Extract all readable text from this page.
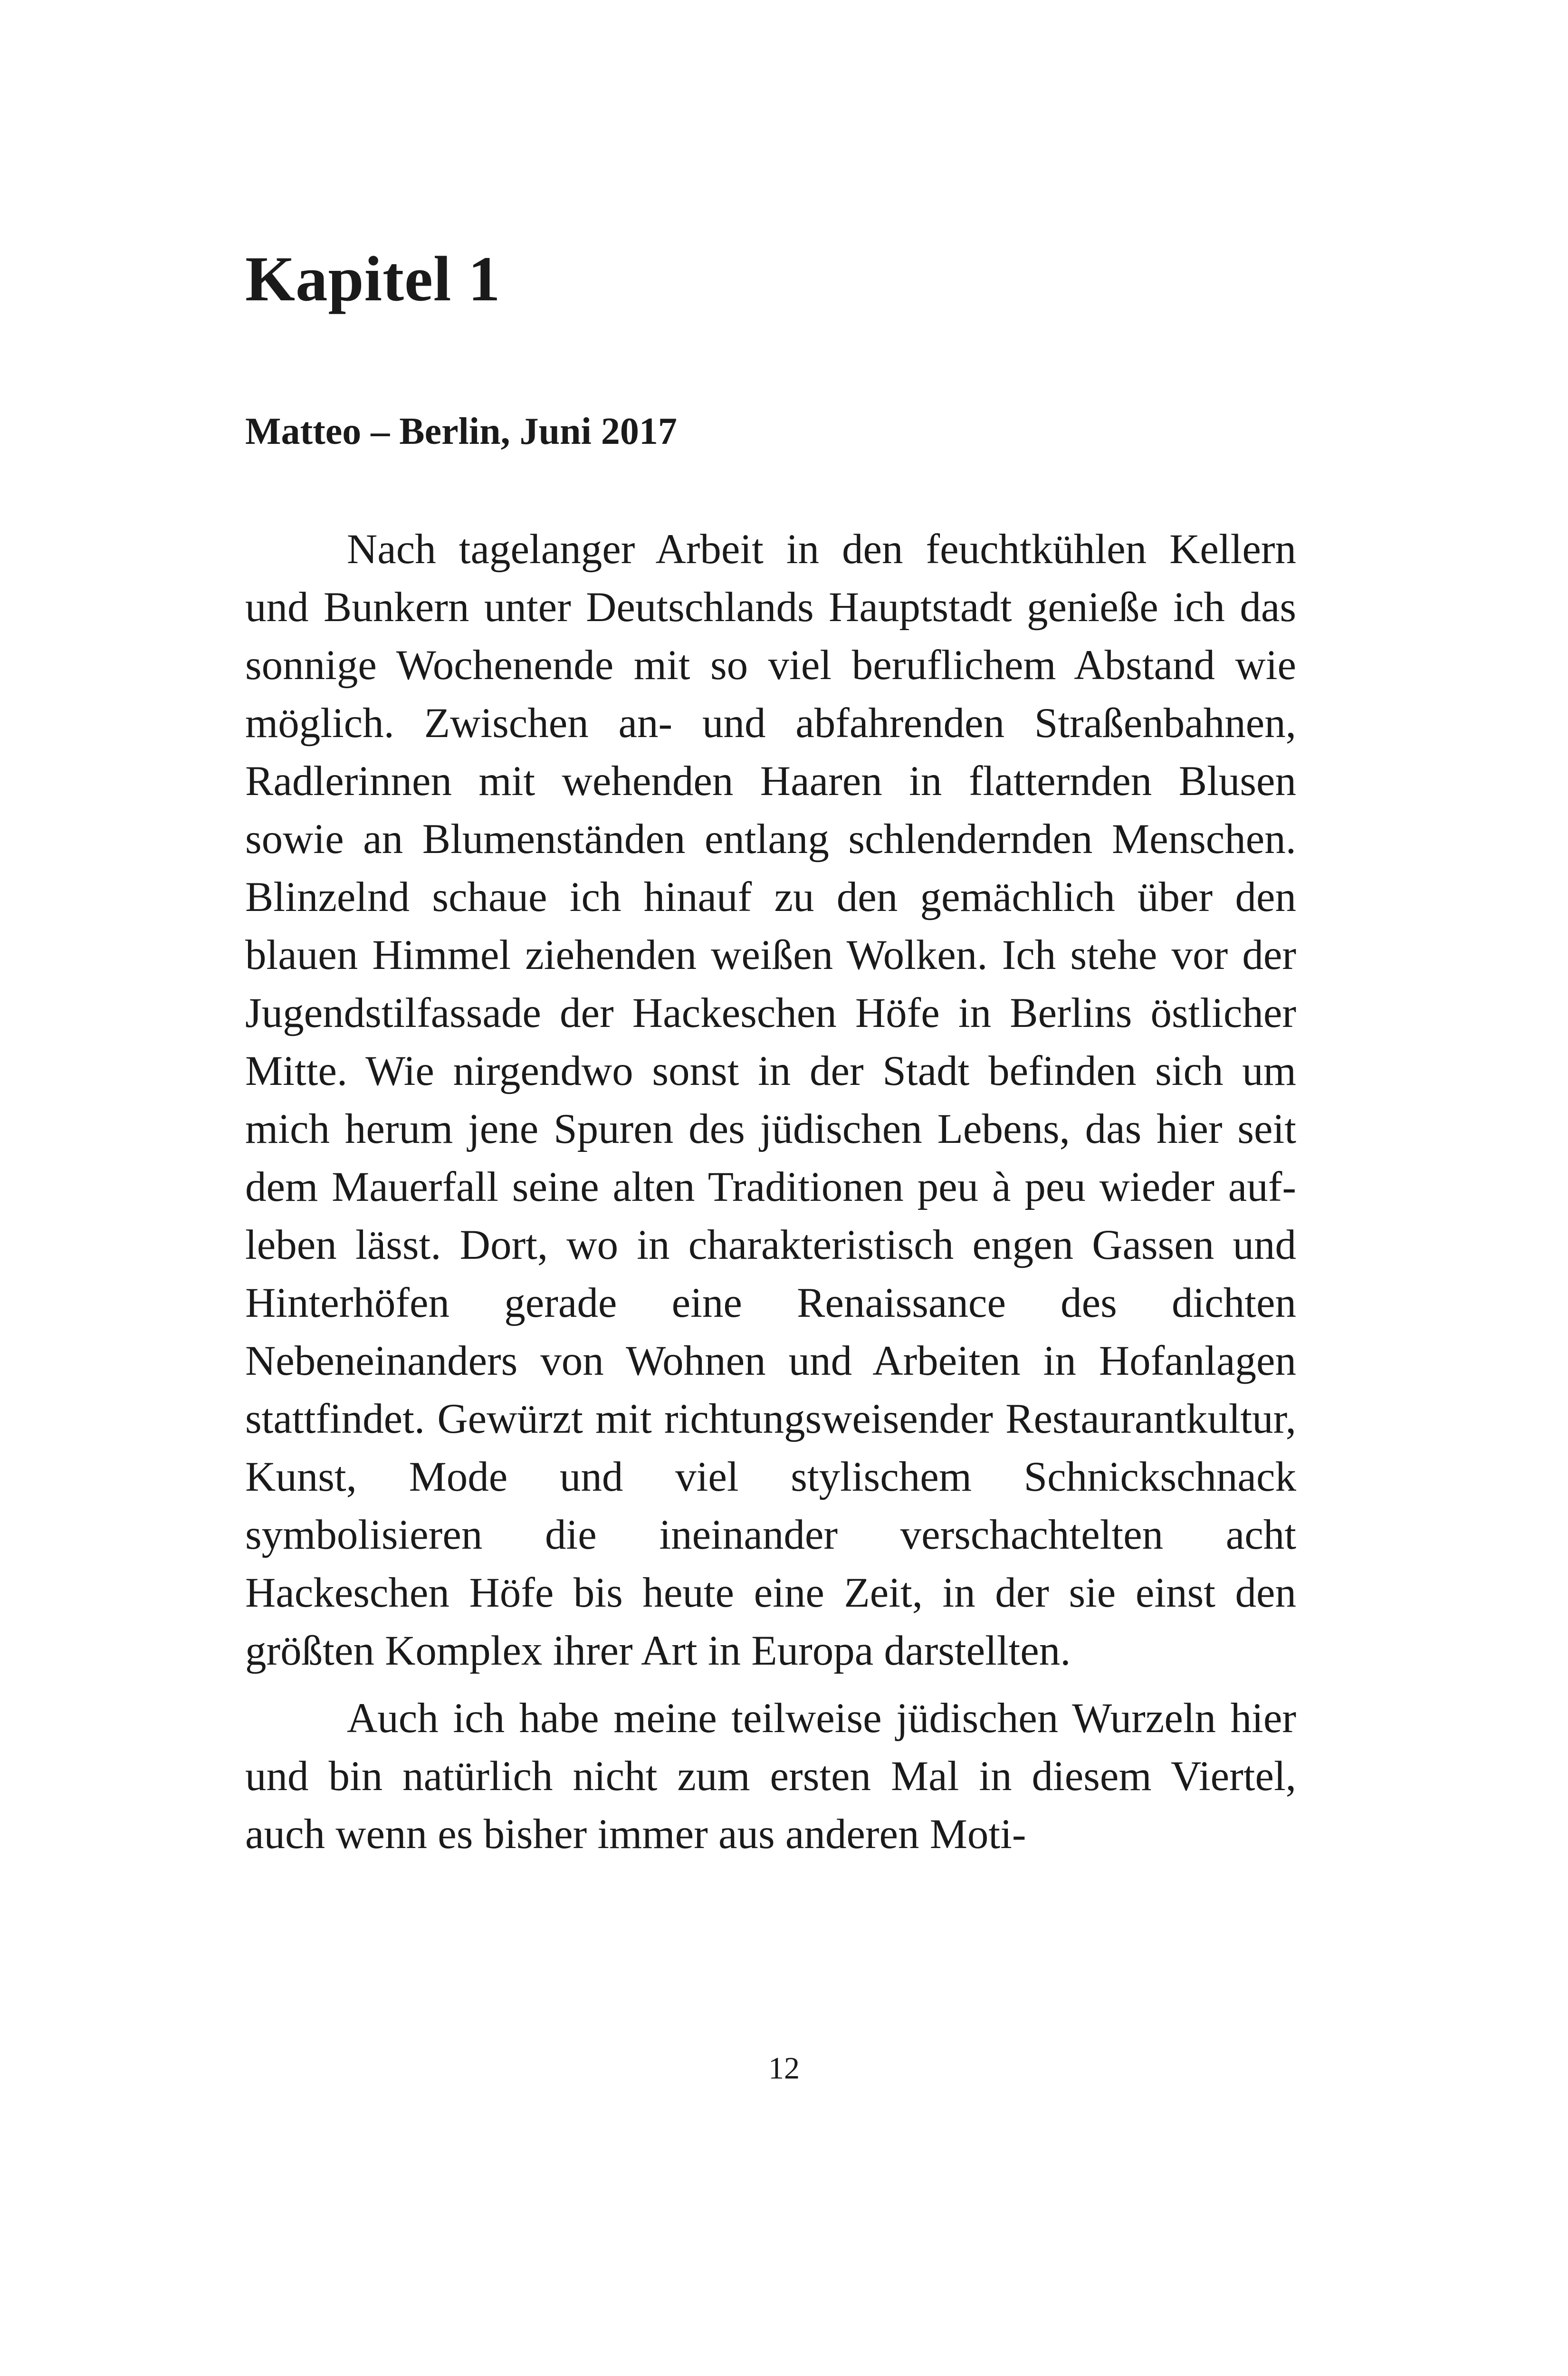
Kapitel 1
Matteo – Berlin, Juni 2017

Nach tagelanger Arbeit in den feuchtkühlen Kellern und Bunkern unter Deutschlands Hauptstadt genieße ich das sonnige Wochenende mit so viel beruflichem Abstand wie möglich. Zwischen an- und abfahrenden Straßenbahnen, Radlerinnen mit wehenden Haaren in flatternden Blusen sowie an Blumenständen entlang schlendernden Menschen. Blinzelnd schaue ich hinauf zu den gemächlich über den blauen Himmel ziehenden weißen Wolken. Ich stehe vor der Jugendstilfassade der Hackeschen Höfe in Berlins östlicher Mitte. Wie nirgendwo sonst in der Stadt befinden sich um mich herum jene Spuren des jüdischen Lebens, das hier seit dem Mauerfall seine alten Traditionen peu à peu wieder aufleben lässt. Dort, wo in charakteristisch engen Gassen und Hinterhöfen gerade eine Renaissance des dichten Nebeneinanders von Wohnen und Arbeiten in Hofanlagen stattfindet. Gewürzt mit richtungsweisender Restaurantkultur, Kunst, Mode und viel stylischem Schnickschnack symbolisieren die ineinander verschachtelten acht Hackeschen Höfe bis heute eine Zeit, in der sie einst den größten Komplex ihrer Art in Europa darstellten.

Auch ich habe meine teilweise jüdischen Wurzeln hier und bin natürlich nicht zum ersten Mal in diesem Viertel, auch wenn es bisher immer aus anderen Moti-

12
